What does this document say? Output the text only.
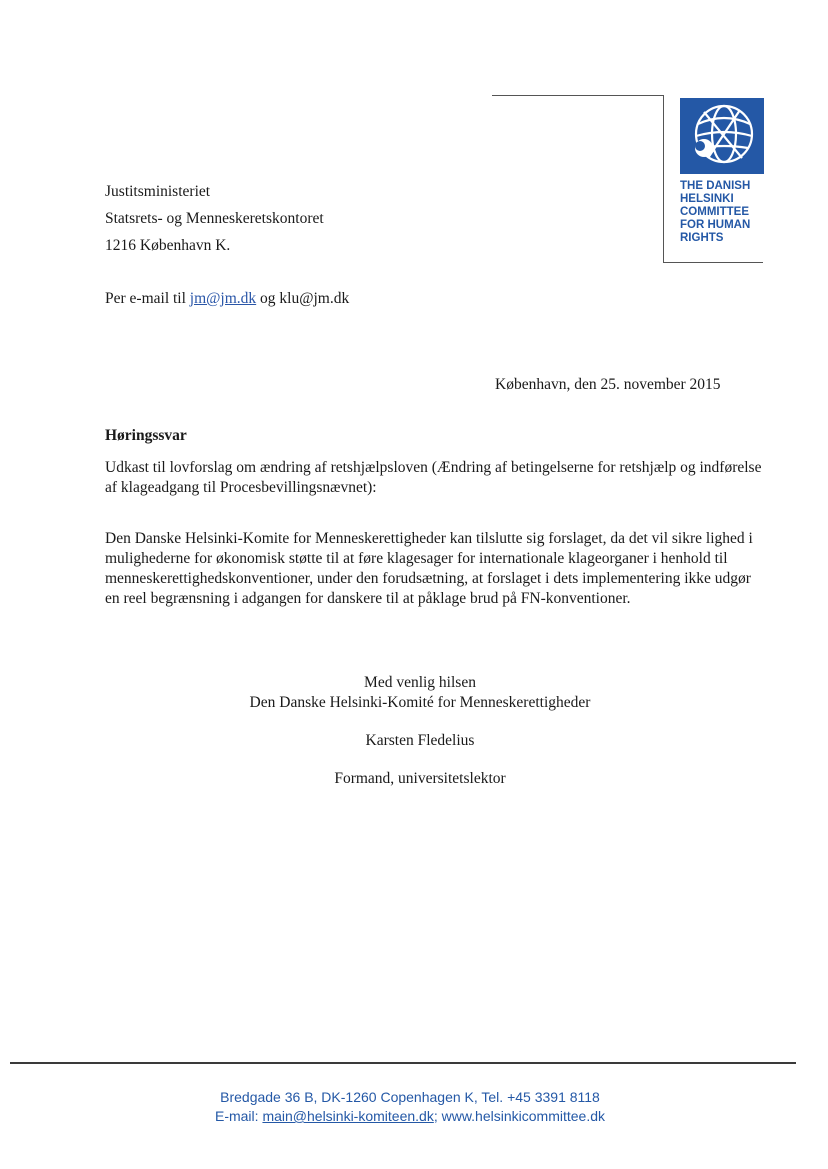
THE DANISH
HELSINKI
COMMITTEE
FOR HUMAN
RIGHTS
Justitsministeriet
Statsrets- og Menneskeretskontoret
1216 København K.
Per e-mail til jm@jm.dk og klu@jm.dk
København, den 25. november 2015
Høringssvar
Udkast til lovforslag om ændring af retshjælpsloven (Ændring af betingelserne for retshjælp og indførelse af klageadgang til Procesbevillingsnævnet):
Den Danske Helsinki-Komite for Menneskerettigheder kan tilslutte sig forslaget, da det vil sikre lighed i mulighederne for økonomisk støtte til at føre klagesager for internationale klageorganer i henhold til menneskerettighedskonventioner, under den forudsætning, at forslaget i dets implementering ikke udgør en reel begrænsning i adgangen for danskere til at påklage brud på FN-konventioner.
Med venlig hilsen
Den Danske Helsinki-Komité for Menneskerettigheder
Karsten Fledelius
Formand, universitetslektor
Bredgade 36 B, DK-1260 Copenhagen K, Tel. +45 3391 8118
E-mail: main@helsinki-komiteen.dk; www.helsinkicommittee.dk
